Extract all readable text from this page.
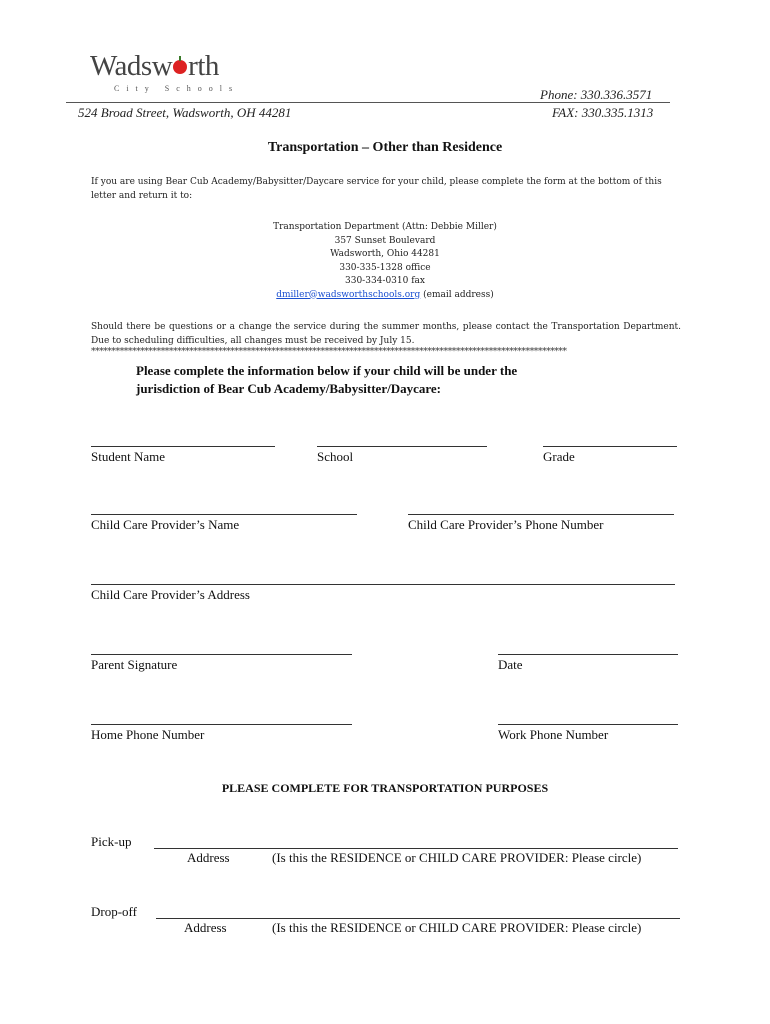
Wadsw rth
City Schools	Phone: 330.336.3571
524 Broad Street, Wadsworth, OH 44281	FAX: 330.335.1313
Transportation – Other than Residence
If you are using Bear Cub Academy/Babysitter/Daycare service for your child, please complete the form at the bottom of this letter and return it to:
Transportation Department (Attn: Debbie Miller)
357 Sunset Boulevard
Wadsworth, Ohio 44281
330-335-1328 office
330-334-0310 fax
dmiller@wadsworthschools.org (email address)
Should there be questions or a change the service during the summer months, please contact the Transportation Department. Due to scheduling difficulties, all changes must be received by July 15.
********************************************************************************************************************
Please complete the information below if your child will be under the
jurisdiction of Bear Cub Academy/Babysitter/Daycare:
Student Name	School	Grade
Child Care Provider’s Name	Child Care Provider’s Phone Number
Child Care Provider’s Address
Parent Signature	Date
Home Phone Number	Work Phone Number
PLEASE COMPLETE FOR TRANSPORTATION PURPOSES
Pick-up
Address	(Is this the RESIDENCE or CHILD CARE PROVIDER: Please circle)
Drop-off
Address	(Is this the RESIDENCE or CHILD CARE PROVIDER: Please circle)
